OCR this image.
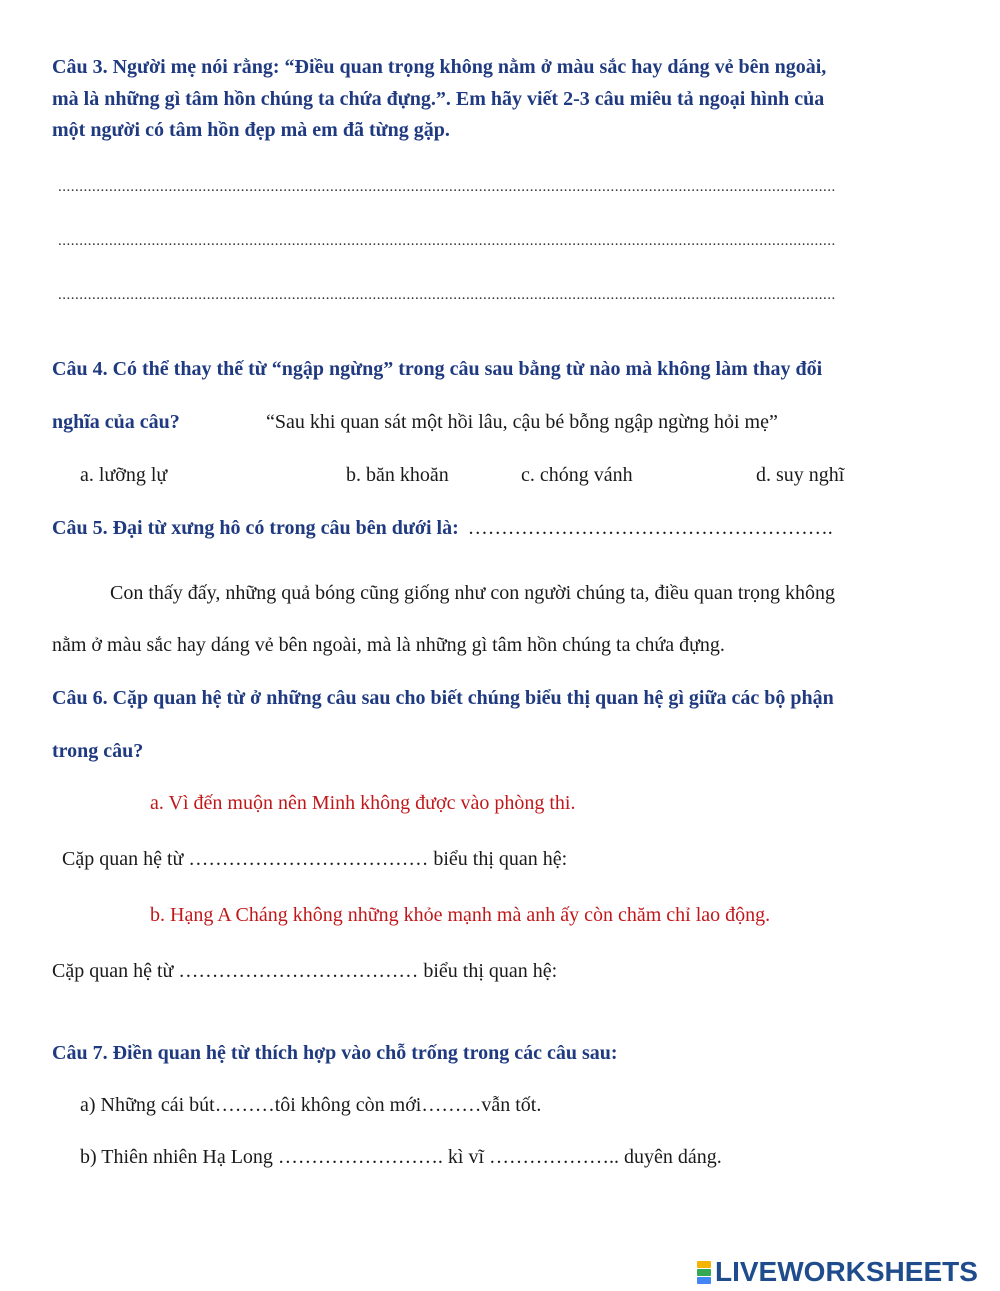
Câu 3. Người mẹ nói rằng: “Điều quan trọng không nằm ở màu sắc hay dáng vẻ bên ngoài,
mà là những gì tâm hồn chúng ta chứa đựng.”. Em hãy viết 2-3 câu miêu tả ngoại hình của
một người có tâm hồn đẹp mà em đã từng gặp.
.......................................................................................................................................................................................
.......................................................................................................................................................................................
.......................................................................................................................................................................................
Câu 4. Có thể thay thế từ “ngập ngừng” trong câu sau bằng từ nào mà không làm thay đổi
nghĩa của câu?	“Sau khi quan sát một hồi lâu, cậu bé bỗng ngập ngừng hỏi mẹ”
a. lưỡng lự	b. băn khoăn	c. chóng vánh	d. suy nghĩ
Câu 5. Đại từ xưng hô có trong câu bên dưới là: ……………………………………………….
Con thấy đấy, những quả bóng cũng giống như con người chúng ta, điều quan trọng không
nằm ở màu sắc hay dáng vẻ bên ngoài, mà là những gì tâm hồn chúng ta chứa đựng.
Câu 6. Cặp quan hệ từ ở những câu sau cho biết chúng biểu thị quan hệ gì giữa các bộ phận
trong câu?
a. Vì đến muộn nên Minh không được vào phòng thi.
Cặp quan hệ từ ……………………………… biểu thị quan hệ:
b. Hạng A Cháng không những khỏe mạnh mà anh ấy còn chăm chỉ lao động.
Cặp quan hệ từ ……………………………… biểu thị quan hệ:
Câu 7. Điền quan hệ từ thích hợp vào chỗ trống trong các câu sau:
a) Những cái bút………tôi không còn mới………vẫn tốt.
b) Thiên nhiên Hạ Long ……………………. kì vĩ ……………….. duyên dáng.
LIVEWORKSHEETS
